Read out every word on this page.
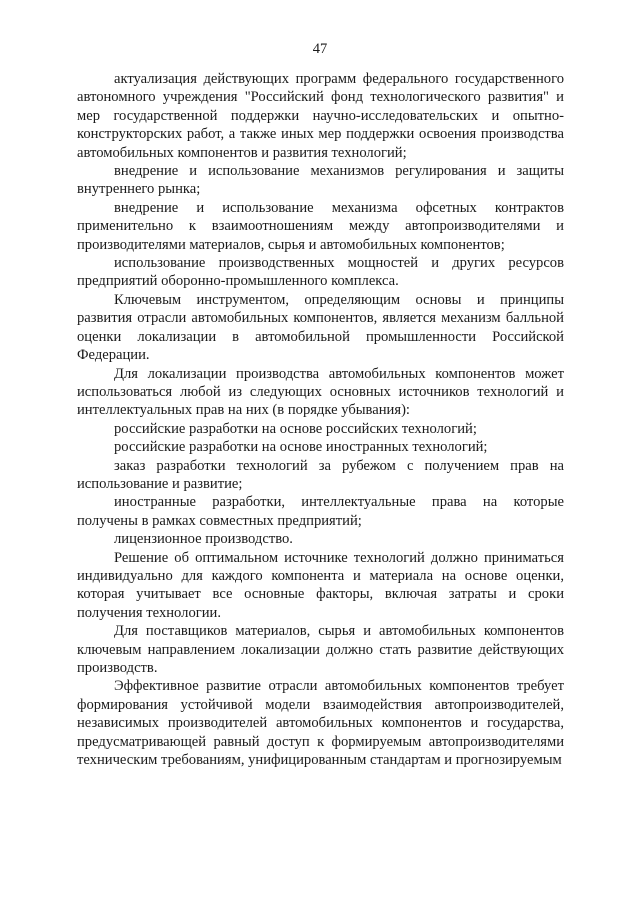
47

актуализация действующих программ федерального государственного автономного учреждения "Российский фонд технологического развития" и мер государственной поддержки научно-исследовательских и опытно-конструкторских работ, а также иных мер поддержки освоения производства автомобильных компонентов и развития технологий;

внедрение и использование механизмов регулирования и защиты внутреннего рынка;

внедрение и использование механизма офсетных контрактов применительно к взаимоотношениям между автопроизводителями и производителями материалов, сырья и автомобильных компонентов;

использование производственных мощностей и других ресурсов предприятий оборонно-промышленного комплекса.

Ключевым инструментом, определяющим основы и принципы развития отрасли автомобильных компонентов, является механизм балльной оценки локализации в автомобильной промышленности Российской Федерации.

Для локализации производства автомобильных компонентов может использоваться любой из следующих основных источников технологий и интеллектуальных прав на них (в порядке убывания):

российские разработки на основе российских технологий;

российские разработки на основе иностранных технологий;

заказ разработки технологий за рубежом с получением прав на использование и развитие;

иностранные разработки, интеллектуальные права на которые получены в рамках совместных предприятий;

лицензионное производство.

Решение об оптимальном источнике технологий должно приниматься индивидуально для каждого компонента и материала на основе оценки, которая учитывает все основные факторы, включая затраты и сроки получения технологии.

Для поставщиков материалов, сырья и автомобильных компонентов ключевым направлением локализации должно стать развитие действующих производств.

Эффективное развитие отрасли автомобильных компонентов требует формирования устойчивой модели взаимодействия автопроизводителей, независимых производителей автомобильных компонентов и государства, предусматривающей равный доступ к формируемым автопроизводителями техническим требованиям, унифицированным стандартам и прогнозируемым
